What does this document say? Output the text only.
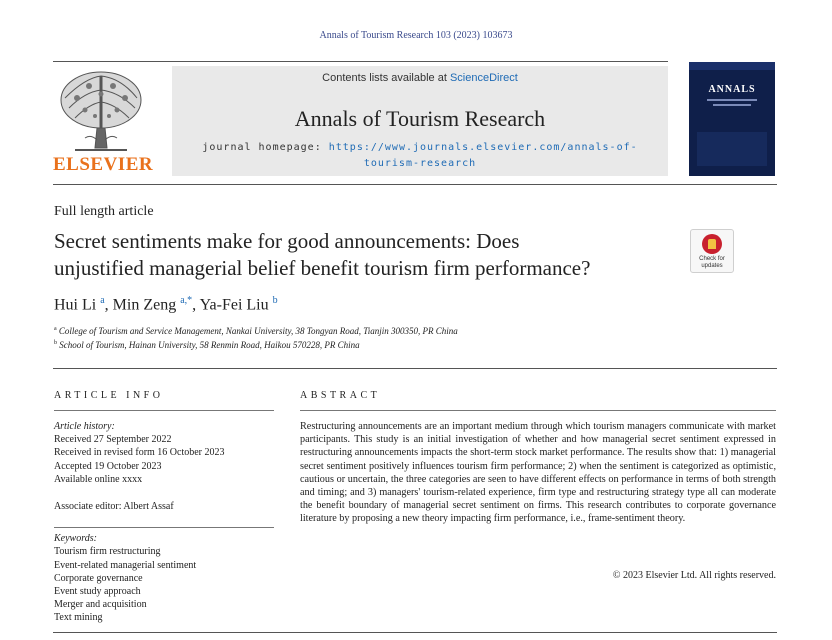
Annals of Tourism Research 103 (2023) 103673
ELSEVIER
Contents lists available at ScienceDirect
Annals of Tourism Research
journal homepage: https://www.journals.elsevier.com/annals-of-
tourism-research
ANNALS
Full length article
Secret sentiments make for good announcements: Does
unjustified managerial belief benefit tourism firm performance?	Check for
updates
Hui Li $^a$, Min Zeng $^{a,*}$, Ya-Fei Liu $^b$
$^a$ College of Tourism and Service Management, Nankai University, 38 Tongyan Road, Tianjin 300350, PR China
$^b$ School of Tourism, Hainan University, 58 Renmin Road, Haikou 570228, PR China
ARTICLE INFO	ABSTRACT
Article history:
Received 27 September 2022
Received in revised form 16 October 2023
Accepted 19 October 2023
Available online xxxx
Associate editor: Albert Assaf
Keywords:
Tourism firm restructuring
Event-related managerial sentiment
Corporate governance
Event study approach
Merger and acquisition
Text mining
Restructuring announcements are an important medium through which tourism managers communicate with market participants. This study is an initial investigation of whether and how managerial secret sentiment expressed in restructuring announcements impacts the short-term stock market performance. The results show that: 1) managerial secret sentiment positively influences tourism firm performance; 2) when the sentiment is categorized as optimistic, cautious or uncertain, the three categories are seen to have different effects on performance in terms of both strength and timing; and 3) managers' tourism-related experience, firm type and restructuring strategy type all can moderate the benefit boundary of managerial secret sentiment on firms. This research contributes to corporate governance literature by proposing a new theory impacting firm performance, i.e., frame-sentiment theory.
© 2023 Elsevier Ltd. All rights reserved.
